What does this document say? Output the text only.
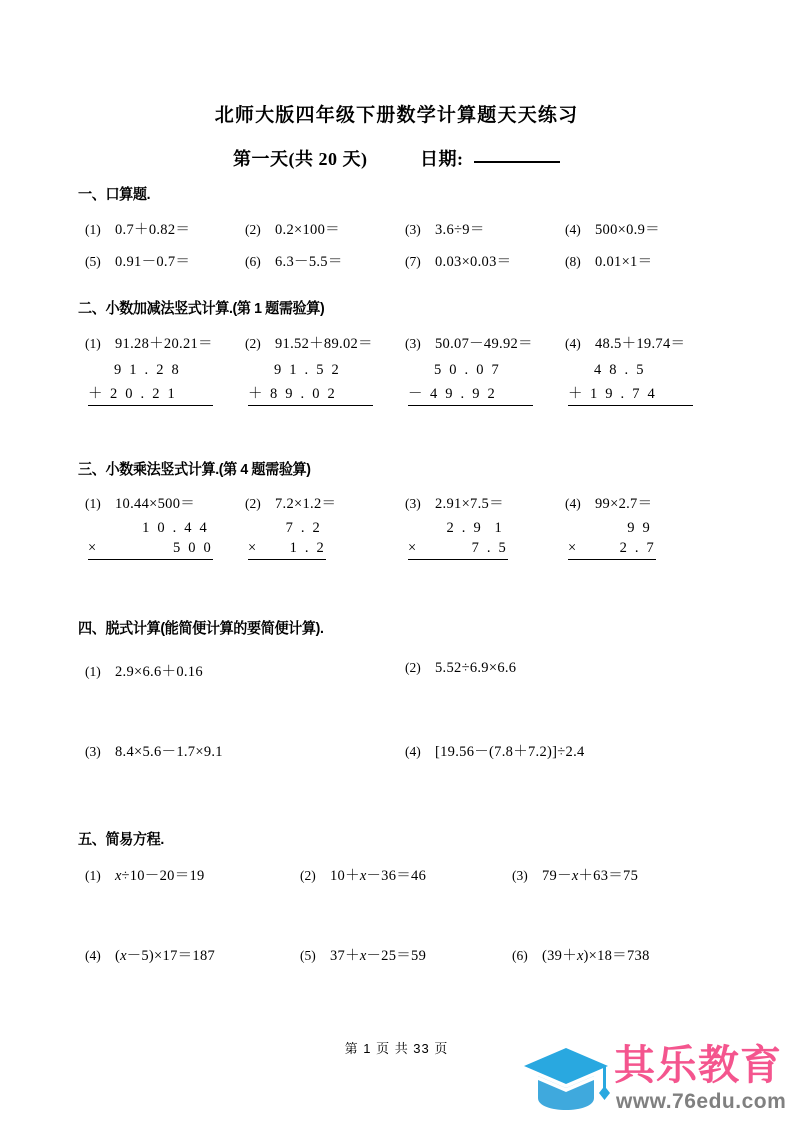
北师大版四年级下册数学计算题天天练习
第一天(共 20 天)	日期:
一、口算题.
(1) 0.7＋0.82＝	(2) 0.2×100＝	(3) 3.6÷9＝	(4) 500×0.9＝
(5) 0.91－0.7＝	(6) 6.3－5.5＝	(7) 0.03×0.03＝	(8) 0.01×1＝
二、小数加减法竖式计算.(第 1 题需验算)
(1) 91.28＋20.21＝ (2) 91.52＋89.02＝ (3) 50.07－49.92＝ (4) 48.5＋19.74＝
9 1 . 2 8
＋ 2 0 . 2 1
9 1 . 5 2
＋ 8 9 . 0 2
5 0 . 0 7
－ 4 9 . 9 2
4 8 . 5
＋ 1 9 . 7 4
三、小数乘法竖式计算.(第 4 题需验算)
(1) 10.44×500＝	(2) 7.2×1.2＝	(3) 2.91×7.5＝	(4) 99×2.7＝
1 0 . 4 4
×	5 0 0
7 . 2
× 1 . 2
2 . 9  1
×	7 . 5
9 9
×	2 . 7
四、脱式计算(能简便计算的要简便计算).
(1) 2.9×6.6＋0.16	(2) 5.52÷6.9×6.6
(3) 8.4×5.6－1.7×9.1	(4) [19.56－(7.8＋7.2)]÷2.4
五、简易方程.
(1) x÷10－20＝19	(2) 10＋x－36＝46	(3) 79－x＋63＝75
(4) (x－5)×17＝187	(5) 37＋x－25＝59	(6) (39＋x)×18＝738
第 1 页 共 33 页	其乐教育
www.76edu.com
